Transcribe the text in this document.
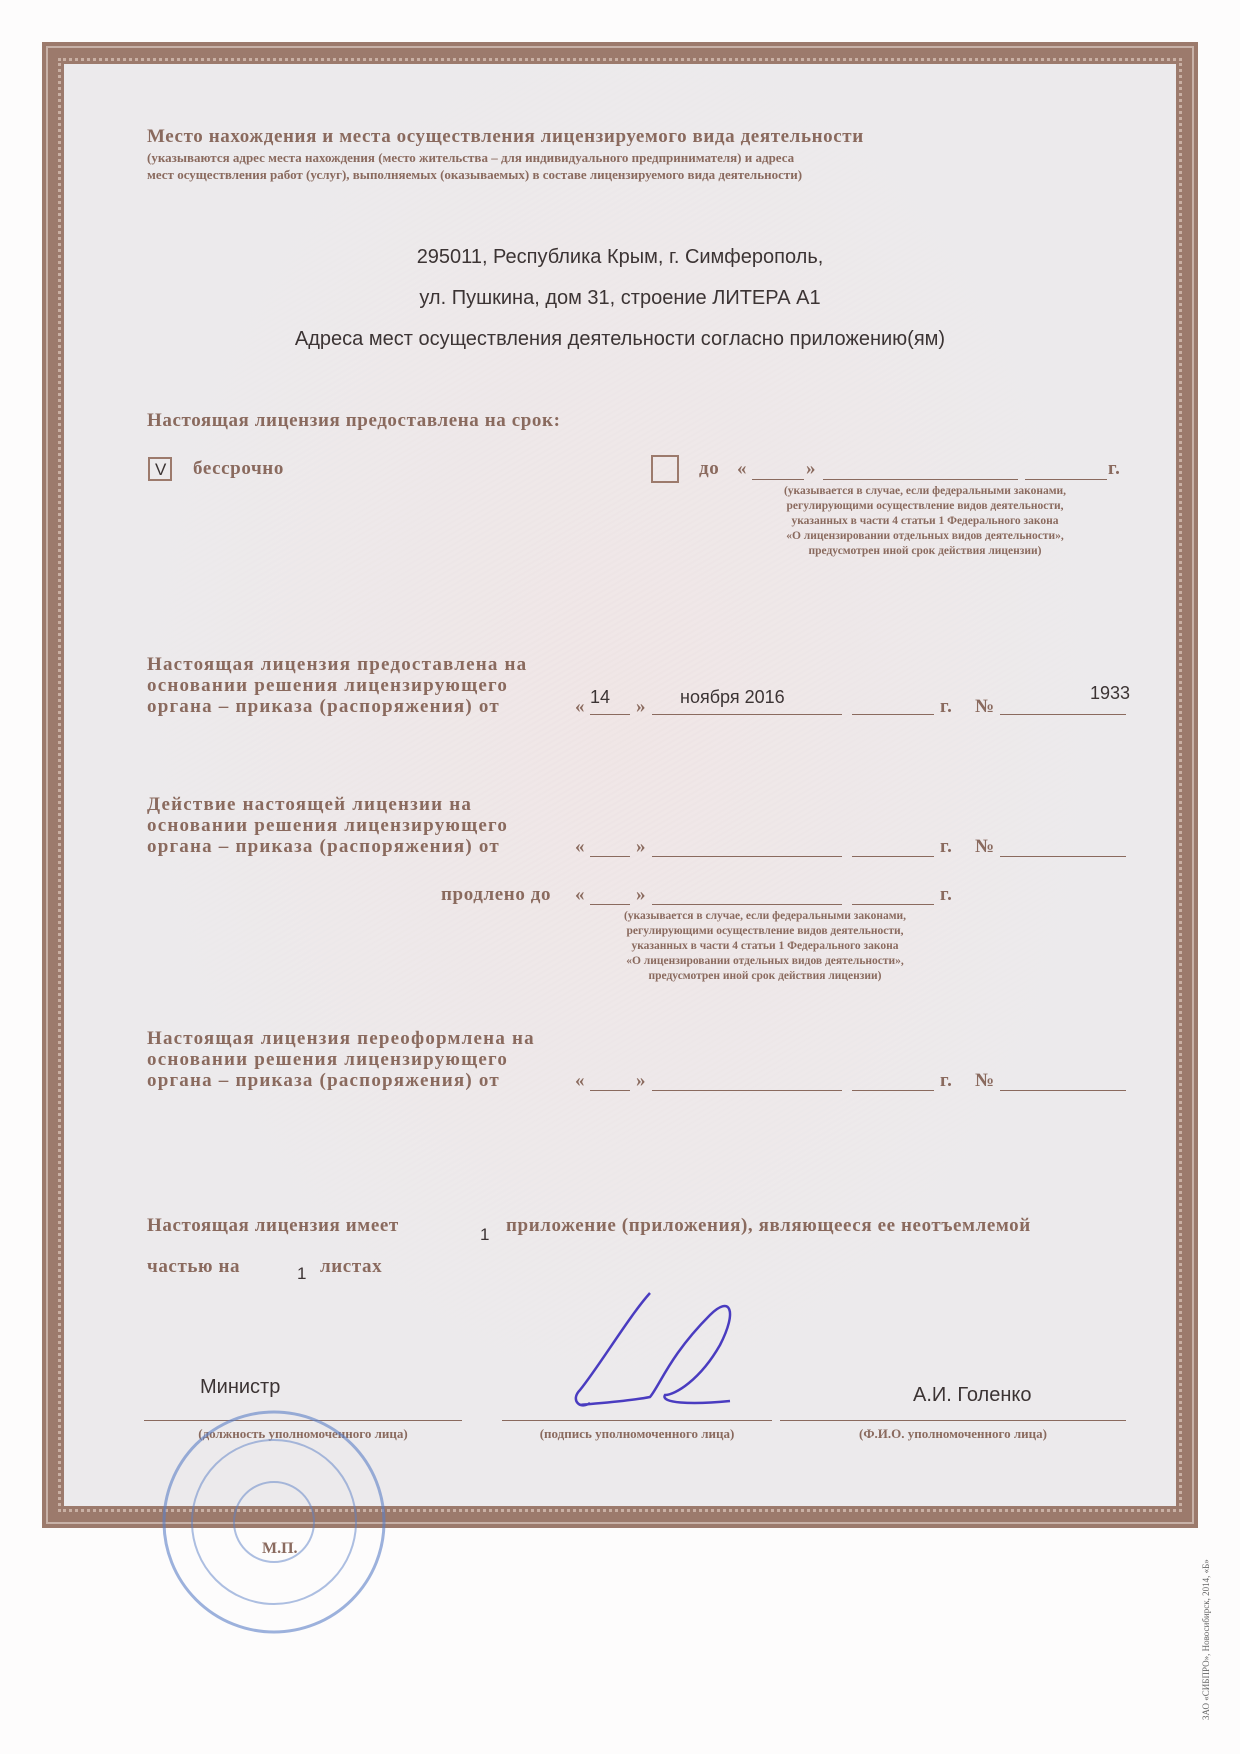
Место нахождения и места осуществления лицензируемого вида деятельности
(указываются адрес места нахождения (место жительства – для индивидуального предпринимателя) и адреса
мест осуществления работ (услуг), выполняемых (оказываемых) в составе лицензируемого вида деятельности)
295011, Республика Крым, г. Симферополь,
ул. Пушкина, дом 31, строение ЛИТЕРА А1
Адреса мест осуществления деятельности согласно приложению(ям)
Настоящая лицензия предоставлена на срок:
V бессрочно	до «	»	г.
(указывается в случае, если федеральными законами,
регулирующими осуществление видов деятельности,
указанных в части 4 статьи 1 Федерального закона
«О лицензировании отдельных видов деятельности»,
предусмотрен иной срок действия лицензии)
Настоящая лицензия предоставлена на
основании решения лицензирующего
органа – приказа (распоряжения) от	« 14 » ноября 2016	г. №
1933
Действие настоящей лицензии на
основании решения лицензирующего
органа – приказа (распоряжения) от	«	»	г. №
продлено до «	»	г.
(указывается в случае, если федеральными законами,
регулирующими осуществление видов деятельности,
указанных в части 4 статьи 1 Федерального закона
«О лицензировании отдельных видов деятельности»,
предусмотрен иной срок действия лицензии)
Настоящая лицензия переоформлена на
основании решения лицензирующего
органа – приказа (распоряжения) от	«	»	г. №
Настоящая лицензия имеет	1 приложение (приложения), являющееся ее неотъемлемой
частью на	1 листах
Министр	А.И. Голенко
(должность уполномоченного лица)	(подпись уполномоченного лица)	(Ф.И.О. уполномоченного лица)
М.П.
ЗАО «СИБПРО», Новосибирск, 2014, «Б»
